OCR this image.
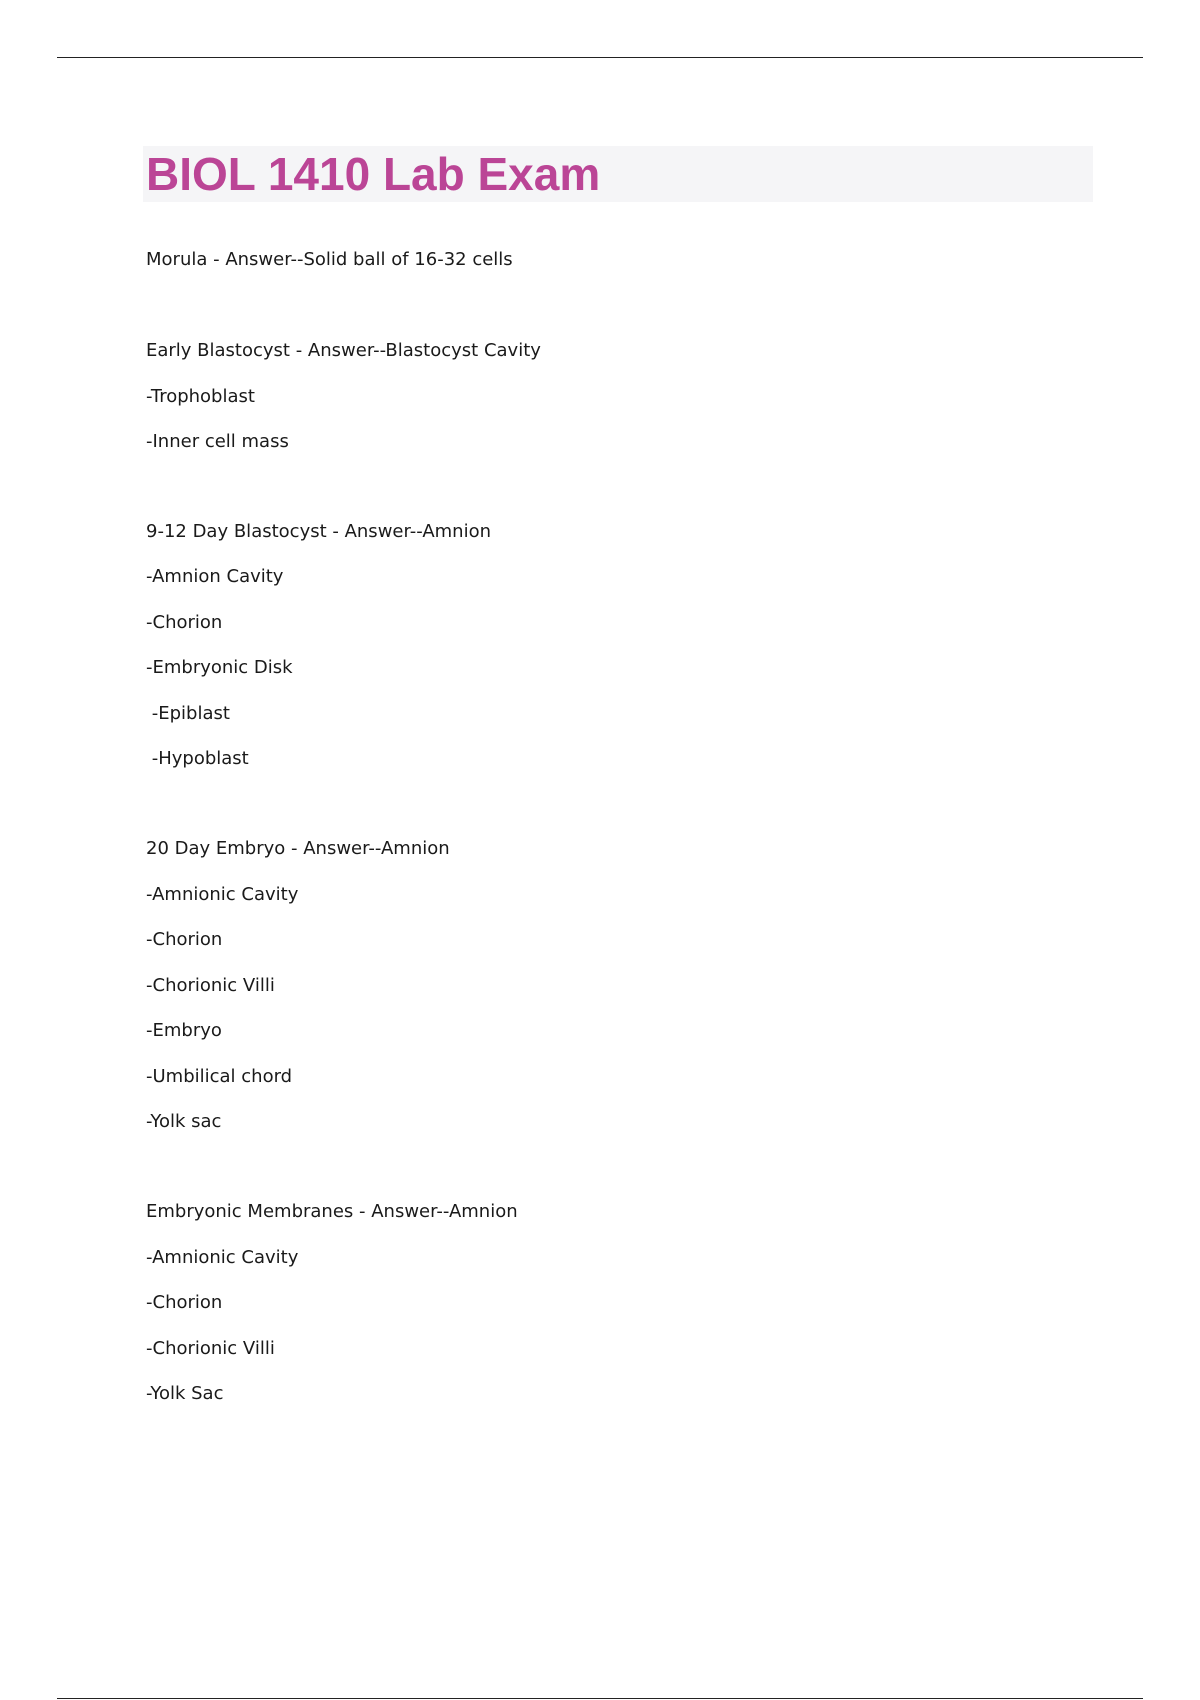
BIOL 1410 Lab Exam

Morula - Answer--Solid ball of 16-32 cells

Early Blastocyst - Answer--Blastocyst Cavity

-Trophoblast

-Inner cell mass

9-12 Day Blastocyst - Answer--Amnion

-Amnion Cavity

-Chorion

-Embryonic Disk

-Epiblast

-Hypoblast

20 Day Embryo - Answer--Amnion

-Amnionic Cavity

-Chorion

-Chorionic Villi

-Embryo

-Umbilical chord

-Yolk sac

Embryonic Membranes - Answer--Amnion

-Amnionic Cavity

-Chorion

-Chorionic Villi

-Yolk Sac
